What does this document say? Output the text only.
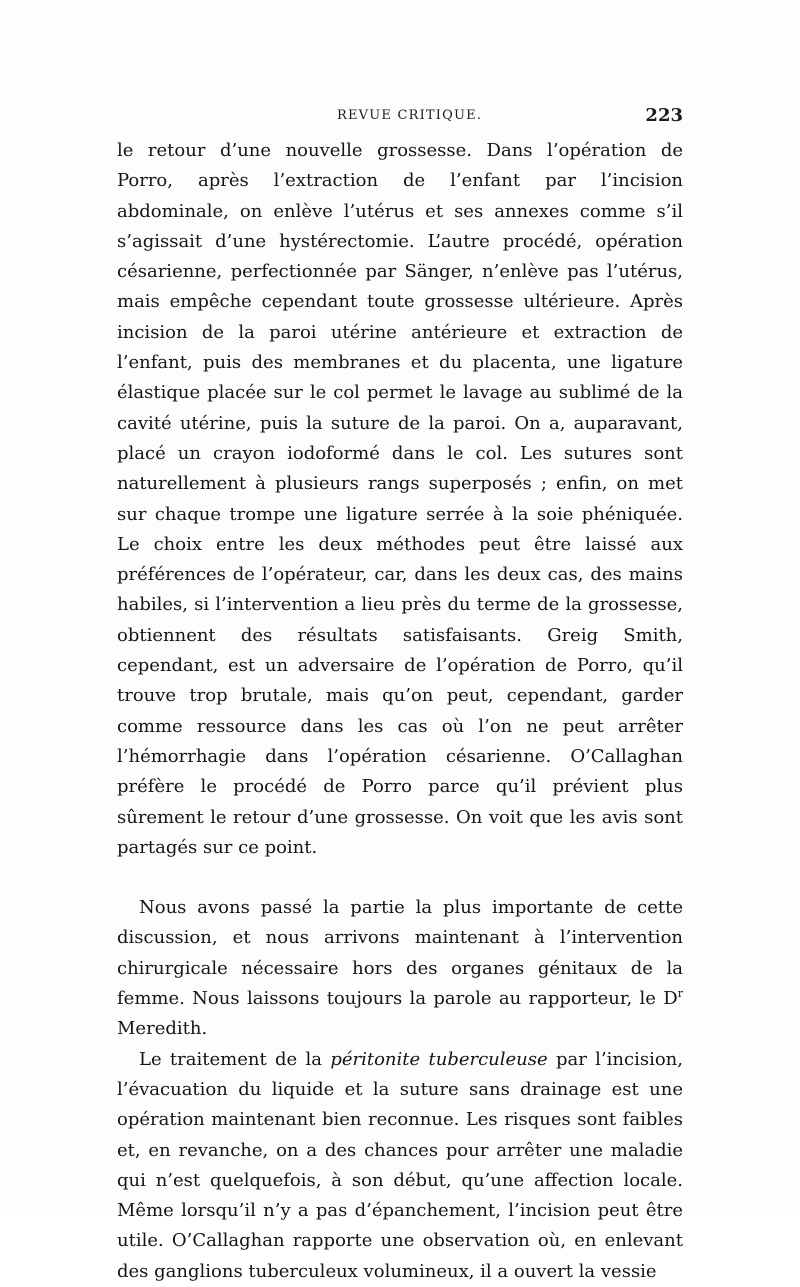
REVUE CRITIQUE.	223

le retour d’une nouvelle grossesse. Dans l’opération de Porro, après l’extraction de l’enfant par l’incision abdominale, on enlève l’utérus et ses annexes comme s’il s’agissait d’une hystérectomie. L’autre procédé, opération césarienne, perfectionnée par Sänger, n’enlève pas l’utérus, mais empêche cependant toute grossesse ultérieure. Après incision de la paroi utérine antérieure et extraction de l’enfant, puis des membranes et du placenta, une ligature élastique placée sur le col permet le lavage au sublimé de la cavité utérine, puis la suture de la paroi. On a, auparavant, placé un crayon iodoformé dans le col. Les sutures sont naturellement à plusieurs rangs superposés ; enfin, on met sur chaque trompe une ligature serrée à la soie phéniquée. Le choix entre les deux méthodes peut être laissé aux préférences de l’opérateur, car, dans les deux cas, des mains habiles, si l’intervention a lieu près du terme de la grossesse, obtiennent des résultats satisfaisants. Greig Smith, cependant, est un adversaire de l’opération de Porro, qu’il trouve trop brutale, mais qu’on peut, cependant, garder comme ressource dans les cas où l’on ne peut arrêter l’hémorrhagie dans l’opération césarienne. O’Callaghan préfère le procédé de Porro parce qu’il prévient plus sûrement le retour d’une grossesse. On voit que les avis sont partagés sur ce point.

Nous avons passé la partie la plus importante de cette discussion, et nous arrivons maintenant à l’intervention chirurgicale nécessaire hors des organes génitaux de la femme. Nous laissons toujours la parole au rapporteur, le $D^r$ Meredith.

Le traitement de la péritonite tuberculeuse par l’incision, l’évacuation du liquide et la suture sans drainage est une opération maintenant bien reconnue. Les risques sont faibles et, en revanche, on a des chances pour arrêter une maladie qui n’est quelquefois, à son début, qu’une affection locale. Même lorsqu’il n’y a pas d’épanchement, l’incision peut être utile. O’Callaghan rapporte une observation où, en enlevant des ganglions tuberculeux volumineux, il a ouvert la vessie
